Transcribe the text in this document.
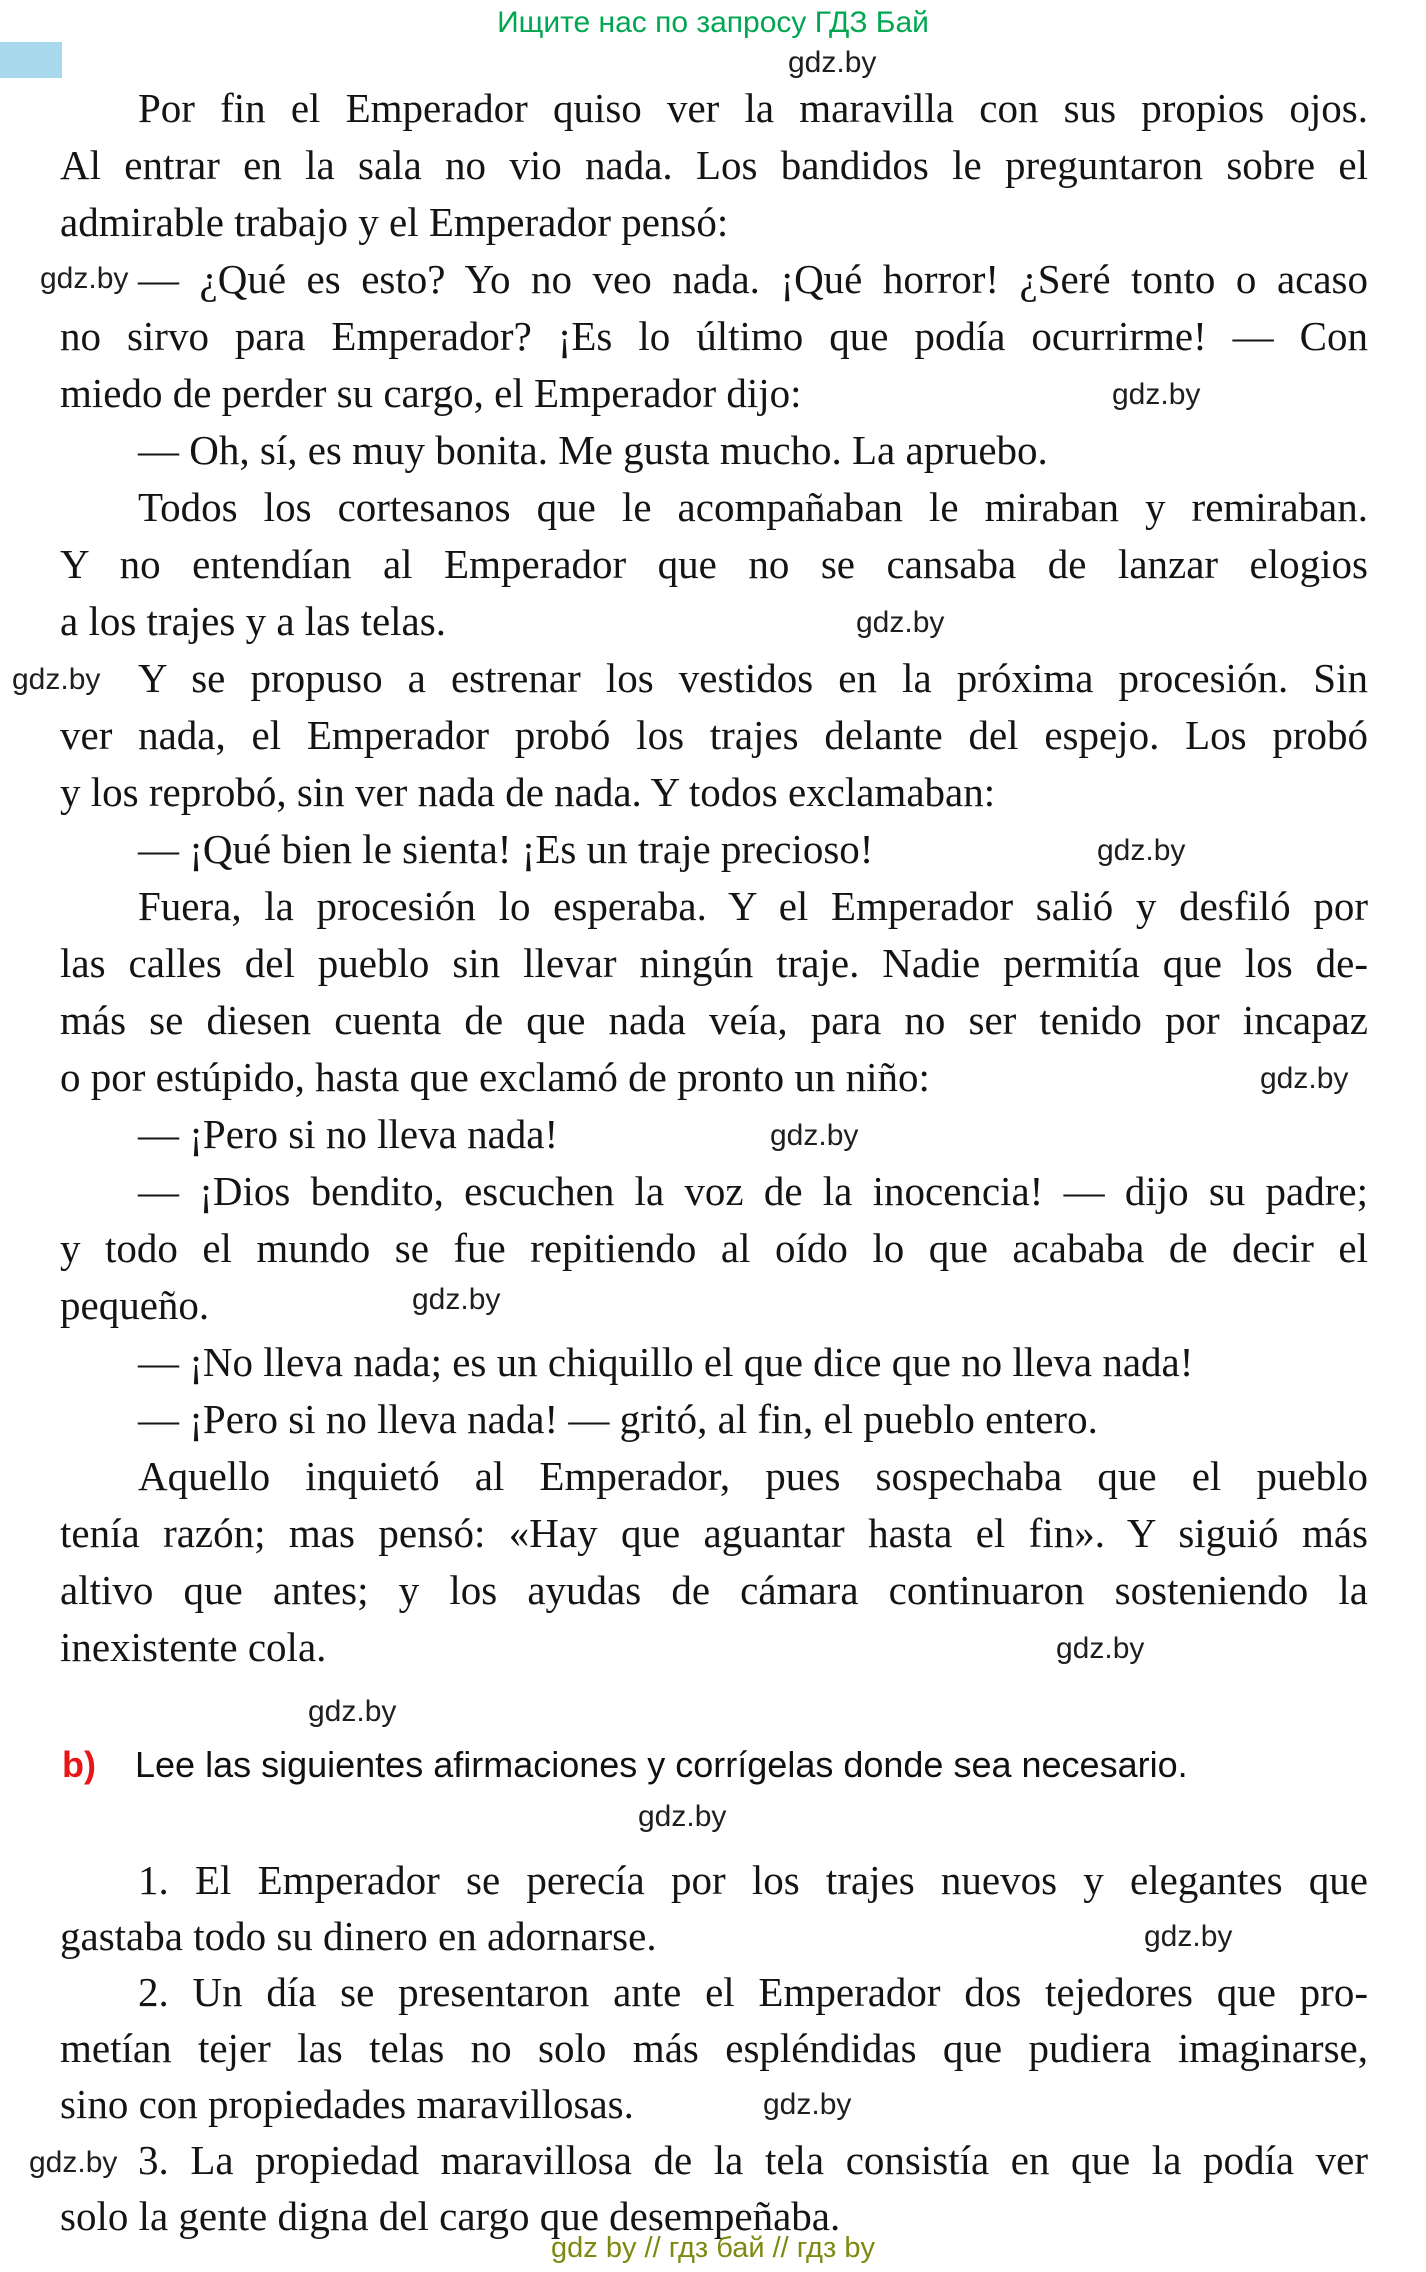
Ищите нас по запросу ГДЗ Бай
gdz.by
Por fin el Emperador quiso ver la maravilla con sus propios ojos.
Al entrar en la sala no vio nada. Los bandidos le preguntaron sobre el
admirable trabajo y el Emperador pensó:
— ¿Qué es esto? Yo no veo nada. ¡Qué horror! ¿Seré tonto o acaso
no sirvo para Emperador? ¡Es lo último que podía ocurrirme! — Con
miedo de perder su cargo, el Emperador dijo:
— Oh, sí, es muy bonita. Me gusta mucho. La apruebo.
Todos los cortesanos que le acompañaban le miraban y remiraban.
Y no entendían al Emperador que no se cansaba de lanzar elogios
a los trajes y a las telas.
Y se propuso a estrenar los vestidos en la próxima procesión. Sin
ver nada, el Emperador probó los trajes delante del espejo. Los probó
y los reprobó, sin ver nada de nada. Y todos exclamaban:
— ¡Qué bien le sienta! ¡Es un traje precioso!
Fuera, la procesión lo esperaba. Y el Emperador salió y desfiló por
las calles del pueblo sin llevar ningún traje. Nadie permitía que los de-
más se diesen cuenta de que nada veía, para no ser tenido por incapaz
o por estúpido, hasta que exclamó de pronto un niño:
— ¡Pero si no lleva nada!
— ¡Dios bendito, escuchen la voz de la inocencia! — dijo su padre;
y todo el mundo se fue repitiendo al oído lo que acababa de decir el
pequeño.
— ¡No lleva nada; es un chiquillo el que dice que no lleva nada!
— ¡Pero si no lleva nada! — gritó, al fin, el pueblo entero.
Aquello inquietó al Emperador, pues sospechaba que el pueblo
tenía razón; mas pensó: «Hay que aguantar hasta el fin». Y siguió más
altivo que antes; y los ayudas de cámara continuaron sosteniendo la
inexistente cola.
b) Lee las siguientes afirmaciones y corrígelas donde sea necesario.
1. El Emperador se perecía por los trajes nuevos y elegantes que
gastaba todo su dinero en adornarse.
2. Un día se presentaron ante el Emperador dos tejedores que pro-
metían tejer las telas no solo más espléndidas que pudiera imaginarse,
sino con propiedades maravillosas.
3. La propiedad maravillosa de la tela consistía en que la podía ver
solo la gente digna del cargo que desempeñaba.
gdz.by
gdz.by
gdz.by
gdz.by
gdz.by
gdz.by
gdz.by
gdz.by
gdz.by
gdz.by
gdz.by
gdz.by
gdz.by
gdz.by
gdz by // гдз бай // гдз by
